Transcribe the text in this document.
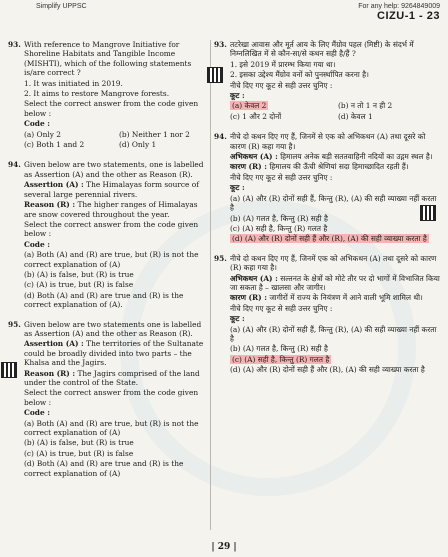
Simplify UPPSC	For any help: 9264849009
CIZU-1 - 23
93. With reference to Mangrove Initiative for Shoreline Habitats and Tangible Income (MISHTI), which of the following statements is/are correct ?

1. It was initiated in 2019.

2. It aims to restore Mangrove forests.

Select the correct answer from the code given below :

Code :

(a) Only 2	(b) Neither 1 nor 2

(c) Both 1 and 2	(d) Only 1

94. Given below are two statements, one is labelled as Assertion (A) and the other as Reason (R).

Assertion (A) : The Himalayas form source of several large perennial rivers.

Reason (R) : The higher ranges of Himalayas are snow covered throughout the year.

Select the correct answer from the code given below :

Code :

(a) Both (A) and (R) are true, but (R) is not the correct explanation of (A)

(b) (A) is false, but (R) is true

(c) (A) is true, but (R) is false

(d) Both (A) and (R) are true and (R) is the correct explanation of (A).

95. Given below are two statements one is labelled as Assertion (A) and the other as Reason (R).

Assertion (A) : The territories of the Sultanate could be broadly divided into two parts – the Khalsa and the Jagirs.

Reason (R) : The Jagirs comprised of the land under the control of the State.

Select the correct answer from the code given below :

Code :

(a) Both (A) and (R) are true, but (R) is not the correct explanation of (A)

(b) (A) is false, but (R) is true

(c) (A) is true, but (R) is false

(d) Both (A) and (R) are true and (R) is the correct explanation of (A)

93. तटरेखा आवास और मूर्त आय के लिए मैंग्रोव पहल (मिष्टी) के संदर्भ में निम्नलिखित में से कौन-सा/से कथन सही है/हैं ?

1. इसे 2019 में प्रारम्भ किया गया था।

2. इसका उद्देश्य मैंग्रोव वनों को पुनर्स्थापित करना है।

नीचे दिए गए कूट से सही उत्तर चुनिए :

कूट :

(a) केवल 2	(b) न तो 1 न ही 2

(c) 1 और 2 दोनों	(d) केवल 1

94. नीचे दो कथन दिए गए हैं, जिनमें से एक को अभिकथन (A) तथा दूसरे को कारण (R) कहा गया है।

अभिकथन (A) : हिमालय अनेक बड़ी सततवाहिनी नदियों का उद्गम स्थल है।

कारण (R) : हिमालय की ऊँची श्रेणियां सदा हिमाच्छादित रहती हैं।

नीचे दिए गए कूट से सही उत्तर चुनिए :

कूट :

(a) (A) और (R) दोनों सही हैं, किन्तु (R), (A) की सही व्याख्या नहीं करता है

(b) (A) गलत है, किन्तु (R) सही है

(c) (A) सही है, किन्तु (R) गलत है

(d) (A) और (R) दोनों सही हैं और (R), (A) की सही व्याख्या करता है

95. नीचे दो कथन दिए गए हैं, जिनमें एक को अभिकथन (A) तथा दूसरे को कारण (R) कहा गया है।

अभिकथन (A) : सल्तनत के क्षेत्रों को मोटे तौर पर दो भागों में विभाजित किया जा सकता है – खालसा और जागीर।

कारण (R) : जागीरों में राज्य के नियंत्रण में आने वाली भूमि शामिल थी।

नीचे दिए गए कूट से सही उत्तर चुनिए :

कूट :

(a) (A) और (R) दोनों सही हैं, किन्तु (R), (A) की सही व्याख्या नहीं करता है

(b) (A) गलत है, किन्तु (R) सही है

(c) (A) सही है, किन्तु (R) गलत है

(d) (A) और (R) दोनों सही हैं और (R), (A) की सही व्याख्या करता है

| 29 |
